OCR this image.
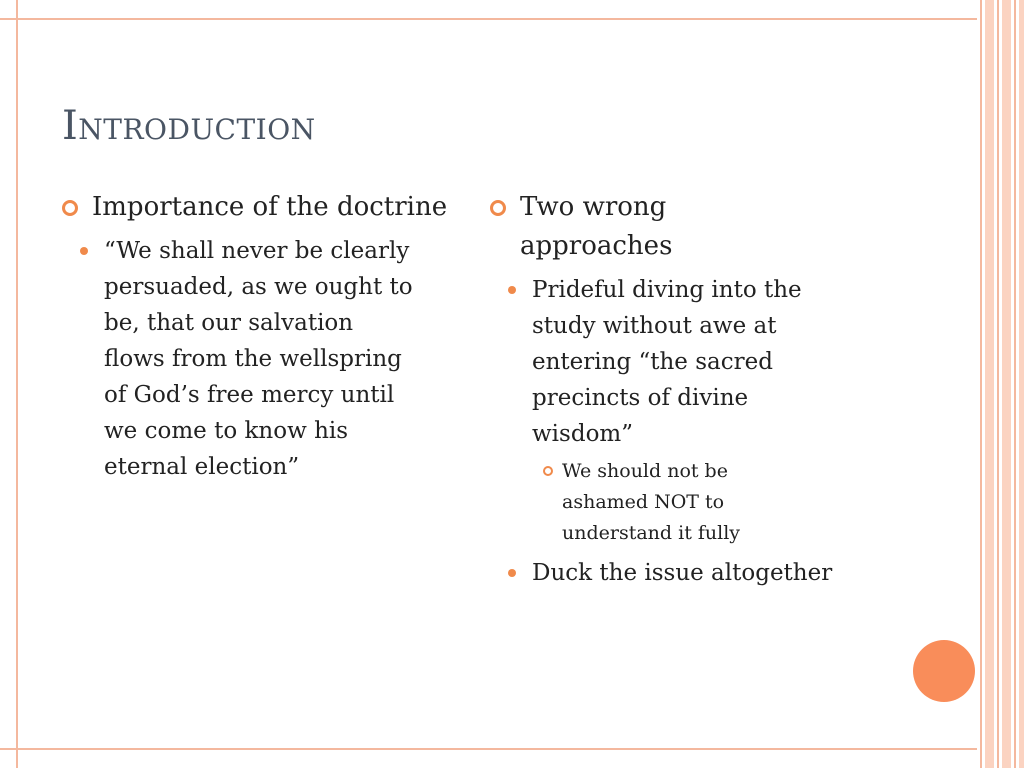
Introduction
Importance of the doctrine
“We shall never be clearly persuaded, as we ought to be, that our salvation flows from the wellspring of God’s free mercy until we come to know his eternal election”
Two wrong approaches
Prideful diving into the study without awe at entering “the sacred precincts of divine wisdom”
We should not be ashamed NOT to understand it fully
Duck the issue altogether
